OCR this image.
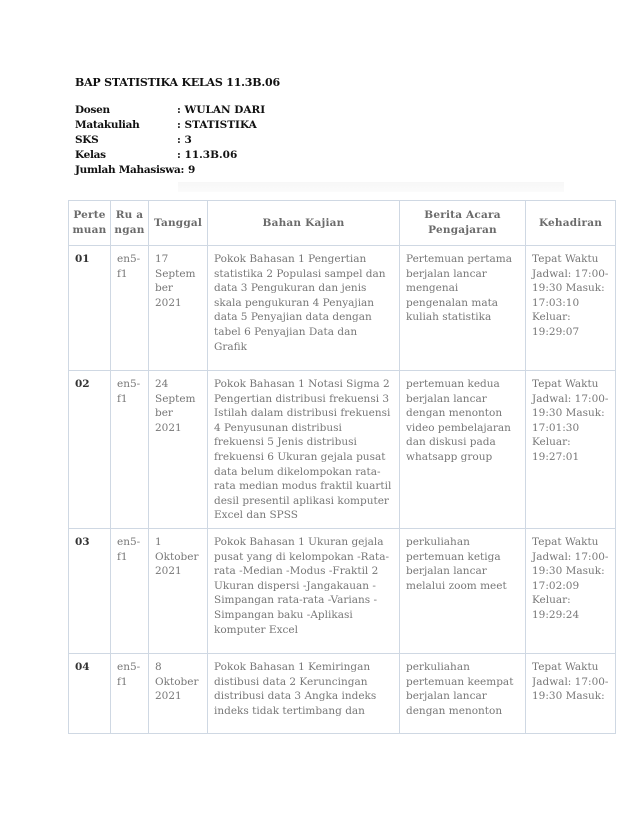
BAP STATISTIKA KELAS 11.3B.06
Dosen	: WULAN DARI
Matakuliah	: STATISTIKA
SKS	: 3
Kelas	: 11.3B.06
Jumlah Mahasiswa : 9
Perte muan	Ru a ngan	Tanggal	Bahan Kajian	Berita Acara Pengajaran	Kehadiran
01	en5- f1	17 Septem ber 2021	Pokok Bahasan 1 Pengertian statistika 2 Populasi sampel dan data 3 Pengukuran dan jenis skala pengukuran 4 Penyajian data 5 Penyajian data dengan tabel 6 Penyajian Data dan Grafik	Pertemuan pertama berjalan lancar mengenai pengenalan mata kuliah statistika	Tepat Waktu Jadwal: 17:00-19:30 Masuk: 17:03:10 Keluar: 19:29:07
02	en5- f1	24 Septem ber 2021	Pokok Bahasan 1 Notasi Sigma 2 Pengertian distribusi frekuensi 3 Istilah dalam distribusi frekuensi 4 Penyusunan distribusi frekuensi 5 Jenis distribusi frekuensi 6 Ukuran gejala pusat data belum dikelompokan rata-rata median modus fraktil kuartil desil presentil aplikasi komputer Excel dan SPSS	pertemuan kedua berjalan lancar dengan menonton video pembelajaran dan diskusi pada whatsapp group	Tepat Waktu Jadwal: 17:00-19:30 Masuk: 17:01:30 Keluar: 19:27:01
03	en5- f1	1 Oktober 2021	Pokok Bahasan 1 Ukuran gejala pusat yang di kelompokan -Rata-rata -Median -Modus -Fraktil 2 Ukuran dispersi -Jangakauan -Simpangan rata-rata -Varians -Simpangan baku -Aplikasi komputer Excel	perkuliahan pertemuan ketiga berjalan lancar melalui zoom meet	Tepat Waktu Jadwal: 17:00-19:30 Masuk: 17:02:09 Keluar: 19:29:24

04	en5- f1	8 Oktober 2021	Pokok Bahasan 1 Kemiringan distibusi data 2 Keruncingan distribusi data 3 Angka indeks indeks tidak tertimbang dan	perkuliahan pertemuan keempat berjalan lancar dengan menonton	Tepat Waktu Jadwal: 17:00-19:30 Masuk:
